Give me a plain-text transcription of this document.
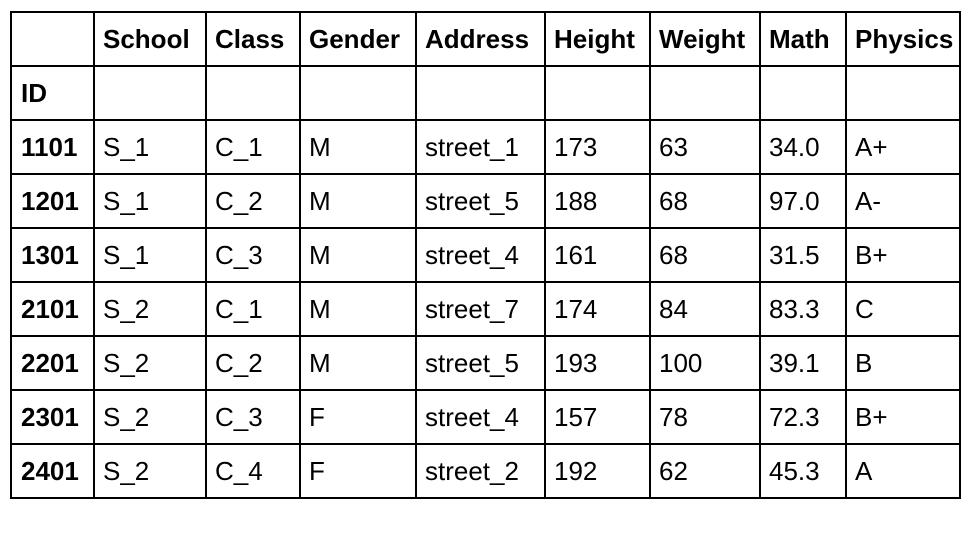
	School	Class	Gender	Address	Height	Weight	Math	Physics
ID								
1101	S_1	C_1	M	street_1	173	63	34.0	A+
1201	S_1	C_2	M	street_5	188	68	97.0	A-
1301	S_1	C_3	M	street_4	161	68	31.5	B+
2101	S_2	C_1	M	street_7	174	84	83.3	C
2201	S_2	C_2	M	street_5	193	100	39.1	B
2301	S_2	C_3	F	street_4	157	78	72.3	B+
2401	S_2	C_4	F	street_2	192	62	45.3	A
